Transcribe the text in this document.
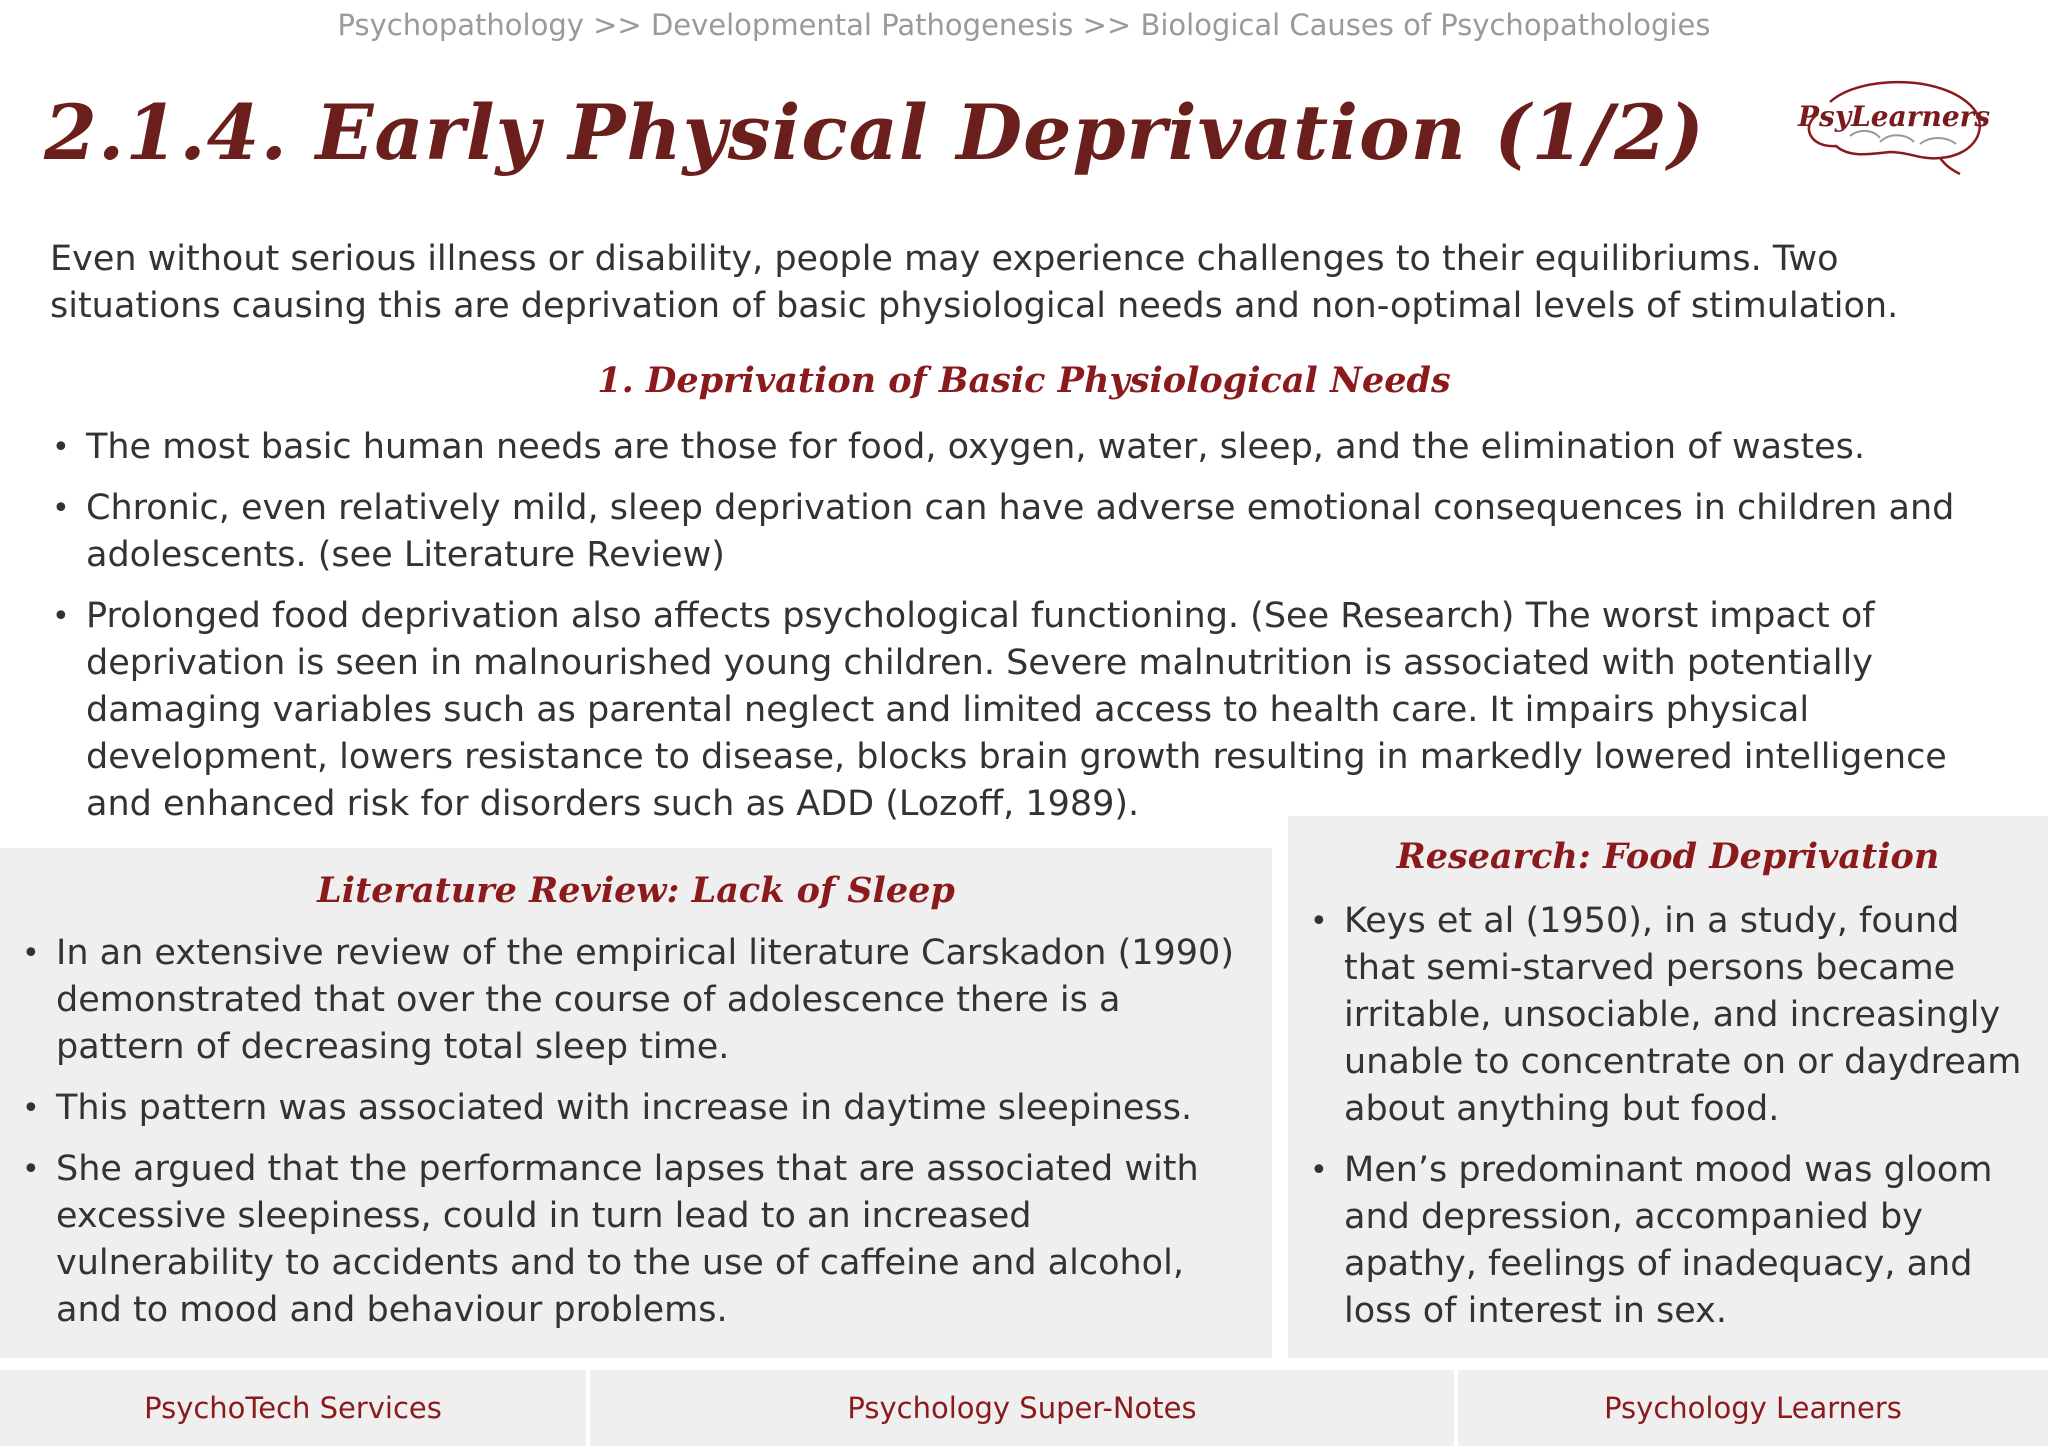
Psychopathology >> Developmental Pathogenesis >> Biological Causes of Psychopathologies
2.1.4. Early Physical Deprivation (1/2)	PsyLearners
Even without serious illness or disability, people may experience challenges to their equilibriums. Two situations causing this are deprivation of basic physiological needs and non-optimal levels of stimulation.
1. Deprivation of Basic Physiological Needs
• The most basic human needs are those for food, oxygen, water, sleep, and the elimination of wastes.
• Chronic, even relatively mild, sleep deprivation can have adverse emotional consequences in children and adolescents. (see Literature Review)
• Prolonged food deprivation also affects psychological functioning. (See Research) The worst impact of deprivation is seen in malnourished young children. Severe malnutrition is associated with potentially damaging variables such as parental neglect and limited access to health care. It impairs physical development, lowers resistance to disease, blocks brain growth resulting in markedly lowered intelligence and enhanced risk for disorders such as ADD (Lozoff, 1989).
Literature Review: Lack of Sleep
• In an extensive review of the empirical literature Carskadon (1990) demonstrated that over the course of adolescence there is a pattern of decreasing total sleep time.
• This pattern was associated with increase in daytime sleepiness.
• She argued that the performance lapses that are associated with excessive sleepiness, could in turn lead to an increased vulnerability to accidents and to the use of caffeine and alcohol, and to mood and behaviour problems.
Research: Food Deprivation
• Keys et al (1950), in a study, found that semi-starved persons became irritable, unsociable, and increasingly unable to concentrate on or daydream about anything but food.
• Men’s predominant mood was gloom and depression, accompanied by apathy, feelings of inadequacy, and loss of interest in sex.
PsychoTech Services	Psychology Super-Notes	Psychology Learners
